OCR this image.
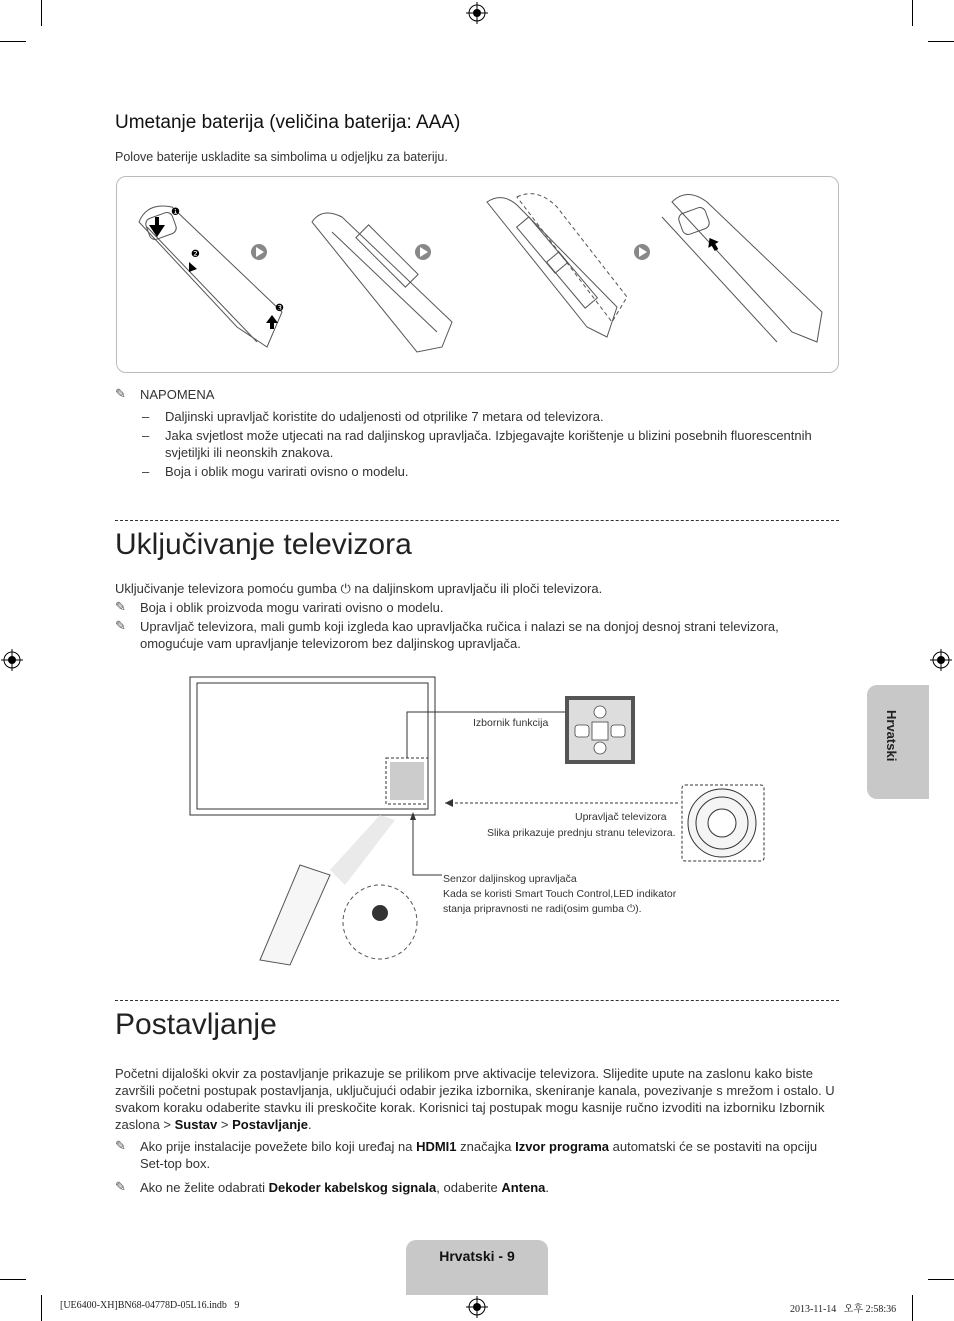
Umetanje baterija (veličina baterija: AAA)
Polove baterije uskladite sa simbolima u odjeljku za bateriju.
❶
❷
❸
✎ NAPOMENA
– Daljinski upravljač koristite do udaljenosti od otprilike 7 metara od televizora.
– Jaka svjetlost može utjecati na rad daljinskog upravljača. Izbjegavajte korištenje u blizini posebnih fluorescentnih svjetiljki ili neonskih znakova.
– Boja i oblik mogu varirati ovisno o modelu.
Uključivanje televizora
Uključivanje televizora pomoću gumba ⏻ na daljinskom upravljaču ili ploči televizora.
✎ Boja i oblik proizvoda mogu varirati ovisno o modelu.
✎ Upravljač televizora, mali gumb koji izgleda kao upravljačka ručica i nalazi se na donjoj desnoj strani televizora, omogućuje vam upravljanje televizorom bez daljinskog upravljača.
Izbornik funkcija
Upravljač televizora
Slika prikazuje prednju stranu televizora.
Senzor daljinskog upravljača
Kada se koristi Smart Touch Control,LED indikator
stanja pripravnosti ne radi(osim gumba ⏻).
Postavljanje
Početni dijaloški okvir za postavljanje prikazuje se prilikom prve aktivacije televizora. Slijedite upute na zaslonu kako biste završili početni postupak postavljanja, uključujući odabir jezika izbornika, skeniranje kanala, povezivanje s mrežom i ostalo. U svakom koraku odaberite stavku ili preskočite korak. Korisnici taj postupak mogu kasnije ručno izvoditi na izborniku Izbornik zaslona > Sustav > Postavljanje.
✎ Ako prije instalacije povežete bilo koji uređaj na HDMI1 značajka Izvor programa automatski će se postaviti na opciju Set-top box.
✎ Ako ne želite odabrati Dekoder kabelskog signala, odaberite Antena.
Hrvatski
Hrvatski - 9
[UE6400-XH]BN68-04778D-05L16.indb   9	2013-11-14   오후 2:58:36
